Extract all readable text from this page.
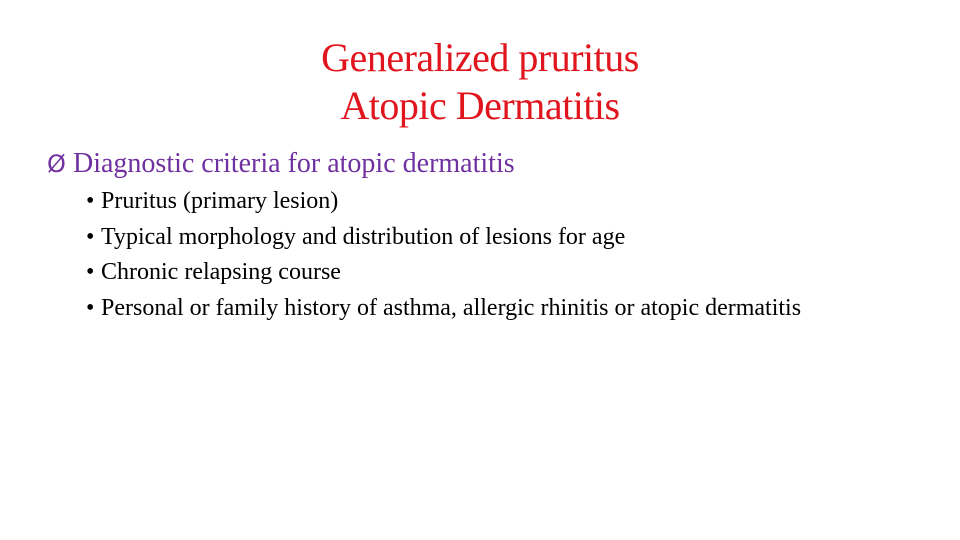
Generalized pruritus
Atopic Dermatitis
Ø Diagnostic criteria for atopic dermatitis
• Pruritus (primary lesion)
• Typical morphology and distribution of lesions for age
• Chronic relapsing course
• Personal or family history of asthma, allergic rhinitis or atopic dermatitis
